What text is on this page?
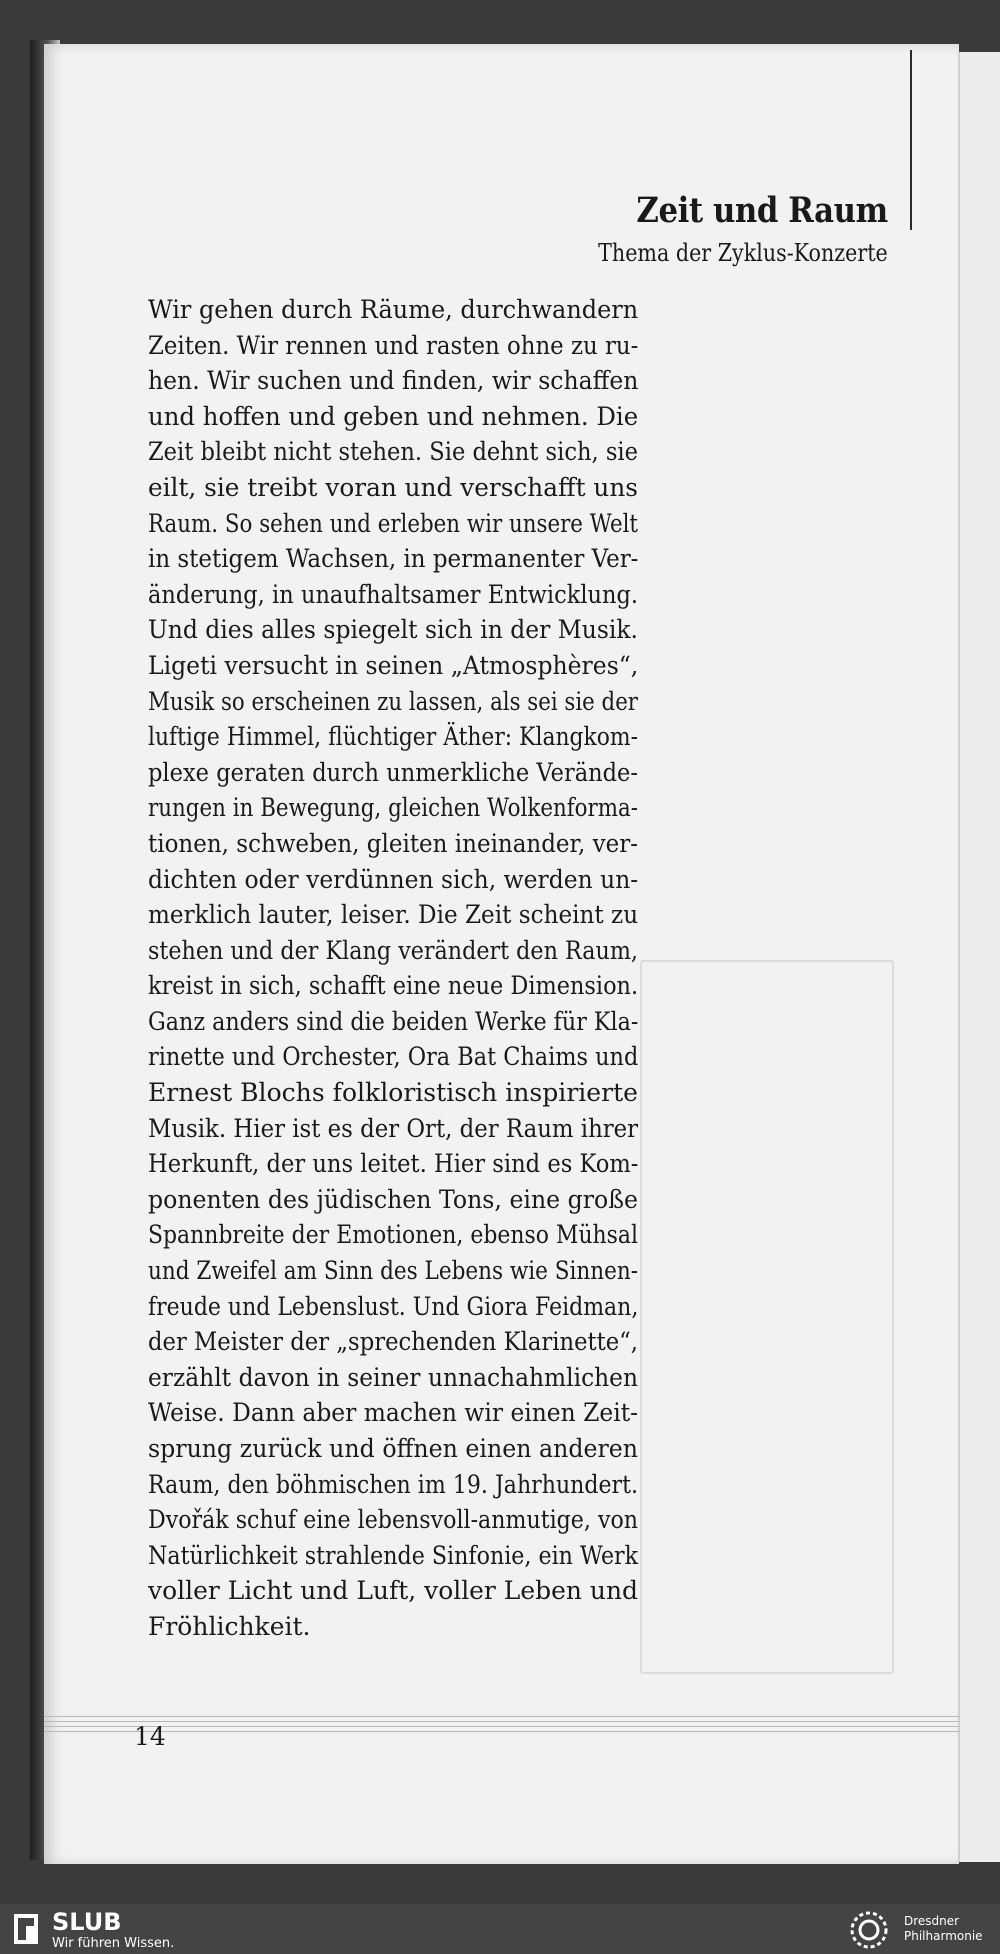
Zeit und Raum
Thema der Zyklus-Konzerte
Wir gehen durch Räume, durchwandern
Zeiten. Wir rennen und rasten ohne zu ru-
hen. Wir suchen und finden, wir schaffen
und hoffen und geben und nehmen. Die
Zeit bleibt nicht stehen. Sie dehnt sich, sie
eilt, sie treibt voran und verschafft uns
Raum. So sehen und erleben wir unsere Welt
in stetigem Wachsen, in permanenter Ver-
änderung, in unaufhaltsamer Entwicklung.
Und dies alles spiegelt sich in der Musik.
Ligeti versucht in seinen „Atmosphères“,
Musik so erscheinen zu lassen, als sei sie der
luftige Himmel, flüchtiger Äther: Klangkom-
plexe geraten durch unmerkliche Verände-
rungen in Bewegung, gleichen Wolkenforma-
tionen, schweben, gleiten ineinander, ver-
dichten oder verdünnen sich, werden un-
merklich lauter, leiser. Die Zeit scheint zu
stehen und der Klang verändert den Raum,
kreist in sich, schafft eine neue Dimension.
Ganz anders sind die beiden Werke für Kla-
rinette und Orchester, Ora Bat Chaims und
Ernest Blochs folkloristisch inspirierte
Musik. Hier ist es der Ort, der Raum ihrer
Herkunft, der uns leitet. Hier sind es Kom-
ponenten des jüdischen Tons, eine große
Spannbreite der Emotionen, ebenso Mühsal
und Zweifel am Sinn des Lebens wie Sinnen-
freude und Lebenslust. Und Giora Feidman,
der Meister der „sprechenden Klarinette“,
erzählt davon in seiner unnachahmlichen
Weise. Dann aber machen wir einen Zeit-
sprung zurück und öffnen einen anderen
Raum, den böhmischen im 19. Jahrhundert.
Dvořák schuf eine lebensvoll-anmutige, von
Natürlichkeit strahlende Sinfonie, ein Werk
voller Licht und Luft, voller Leben und
Fröhlichkeit.
14
SLUB
Wir führen Wissen.
Dresdner
Philharmonie
